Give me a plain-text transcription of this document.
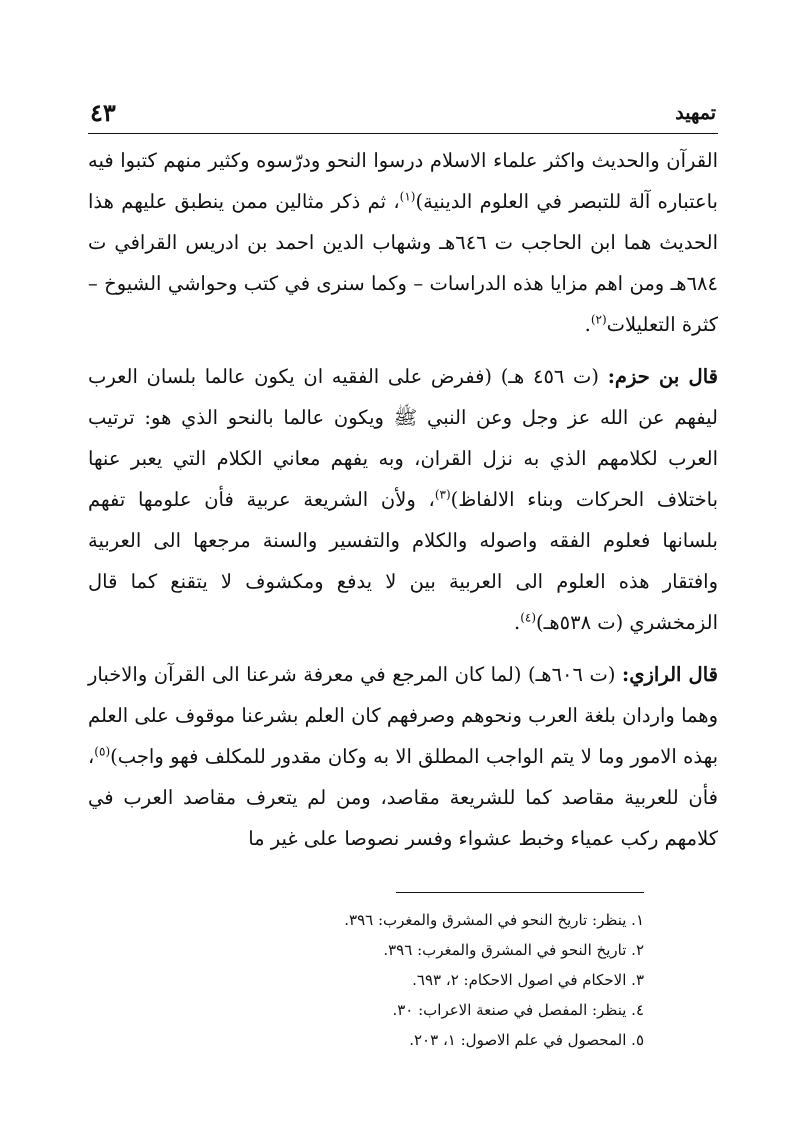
٤٣	تمهيد

القرآن والحديث واكثر علماء الاسلام درسوا النحو ودرّسوه وكثير منهم كتبوا فيه باعتباره آلة للتبصر في العلوم الدينية)$^{(١)}$، ثم ذكر مثالين ممن ينطبق عليهم هذا الحديث هما ابن الحاجب ت ٦٤٦هـ وشهاب الدين احمد بن ادريس القرافي ت ٦٨٤هـ ومن اهم مزايا هذه الدراسات – وكما سنرى في كتب وحواشي الشيوخ – كثرة التعليلات$^{(٢)}$.

قال بن حزم: (ت ٤٥٦ هـ) (ففرض على الفقيه ان يكون عالما بلسان العرب ليفهم عن الله عز وجل وعن النبي ﷺ ويكون عالما بالنحو الذي هو: ترتيب العرب لكلامهم الذي به نزل القران، وبه يفهم معاني الكلام التي يعبر عنها باختلاف الحركات وبناء الالفاظ)$^{(٣)}$، ولأن الشريعة عربية فأن علومها تفهم بلسانها فعلوم الفقه واصوله والكلام والتفسير والسنة مرجعها الى العربية وافتقار هذه العلوم الى العربية بين لا يدفع ومكشوف لا يتقنع كما قال الزمخشري (ت ٥٣٨هـ)$^{(٤)}$.

قال الرازي: (ت ٦٠٦هـ) (لما كان المرجع في معرفة شرعنا الى القرآن والاخبار وهما واردان بلغة العرب ونحوهم وصرفهم كان العلم بشرعنا موقوف على العلم بهذه الامور وما لا يتم الواجب المطلق الا به وكان مقدور للمكلف فهو واجب)$^{(٥)}$، فأن للعربية مقاصد كما للشريعة مقاصد، ومن لم يتعرف مقاصد العرب في كلامهم ركب عمياء وخبط عشواء وفسر نصوصا على غير ما

١. ينظر: تاريخ النحو في المشرق والمغرب: ٣٩٦.

٢. تاريخ النحو في المشرق والمغرب: ٣٩٦.

٣. الاحكام في اصول الاحكام: ٢، ٦٩٣.

٤. ينظر: المفصل في صنعة الاعراب: ٣٠.

٥. المحصول في علم الاصول: ١، ٢٠٣.
